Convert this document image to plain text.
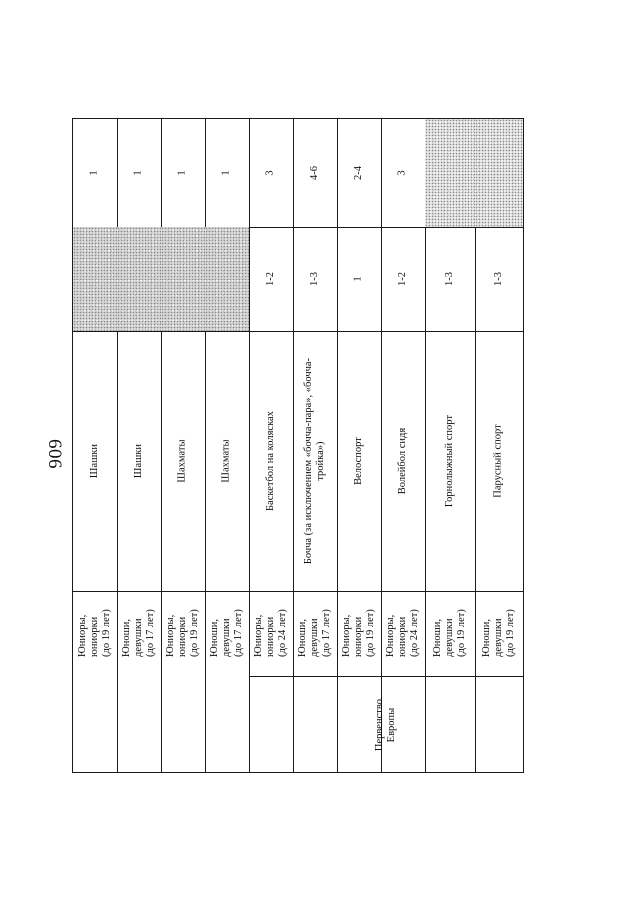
606
1
Шашки
Юниоры, юниорки (до 19 лет)
1
Шашки
Юноши, девушки (до 17 лет)
1
Шахматы
Юниоры, юниорки (до 19 лет)
1
Шахматы
Юноши, девушки (до 17 лет)
3
1-2
Баскетбол на колясках
Юниоры, юниорки (до 24 лет)
4-6
1-3
Бочча (за исключением «бочча-пара», «бочча- тройка»)
Юноши, девушки (до 17 лет)
2-4
1
Велоспорт
Юниоры, юниорки (до 19 лет)
3
1-2
Волейбол сидя
Юниоры, юниорки (до 24 лет)
1-3
Горнолыжный спорт
Юноши, девушки (до 19 лет)
1-3
Парусный спорт
Юноши, девушки (до 19 лет)
Первенство Европы
